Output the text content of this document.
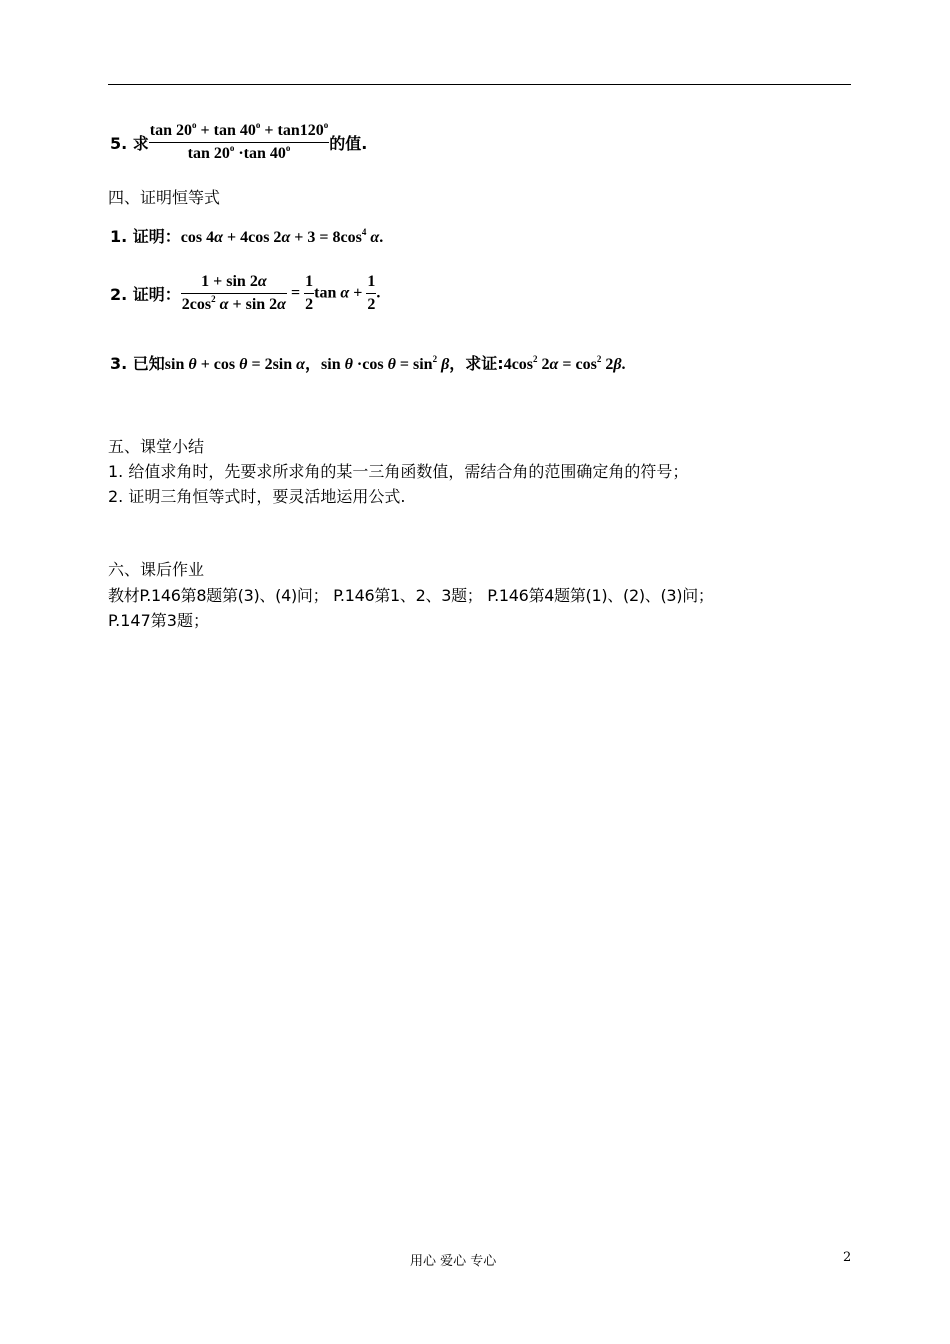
5. 求 $\frac{\tan 20^o + \tan 40^o + \tan 120^o}{\tan 20^o \cdot\tan 40^o}$ 的值.
四、证明恒等式
1. 证明：cos 4α + 4cos $2\alpha + 3 = 8\cos^4$ α.
2. 证明： $\frac{1 + \sin 2\alpha}{2\cos^2 \alpha + \sin 2\alpha} = \frac{1}{2}$ $\tan \alpha + \frac{1}{2}$ .
3. 已知sin θ + cos θ = 2sin α，sin θ ·cos $\theta = \sin^2 \beta$，求证$:4\cos^2$ $2\alpha = \cos^2 2\beta$.
五、课堂小结
1. 给值求角时，先要求所求角的某一三角函数值，需结合角的范围确定角的符号；
2. 证明三角恒等式时，要灵活地运用公式.
六、课后作业
教材P.146第8题第(3)、(4)问； P.146第1、2、3题； P.146第4题第(1)、(2)、(3)问；
P.147第3题；
用心 爱心 专心	2
